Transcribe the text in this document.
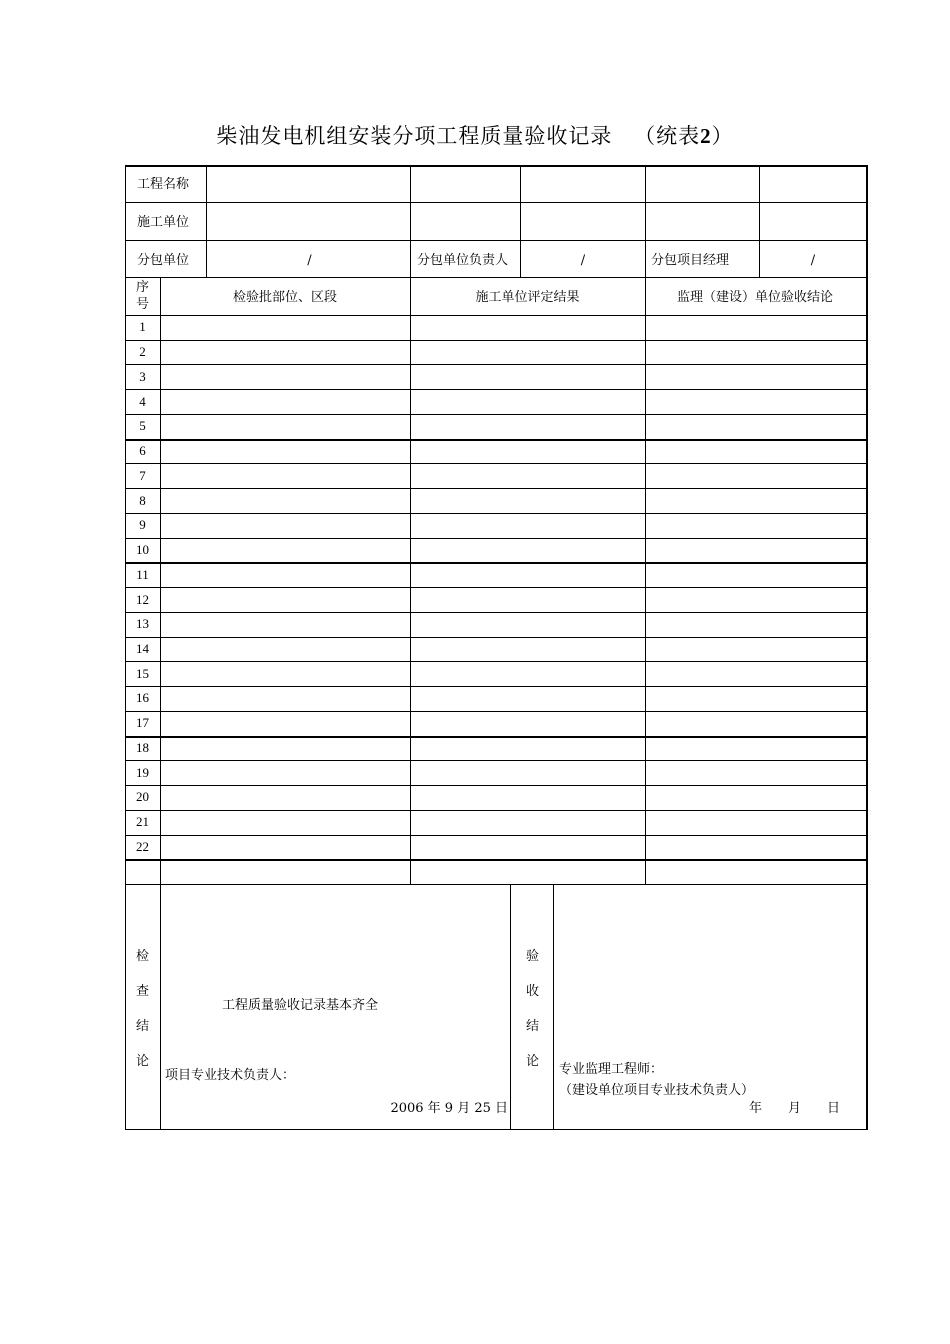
柴油发电机组安装分项工程质量验收记录 （统表2）
工程名称
施工单位
分包单位	/	分包单位负责人	/	分包项目经理	/
序
号	检验批部位、区段	施工单位评定结果	监理（建设）单位验收结论
1
2
3
4
5
6
7
8
9
10
11
12
13
14
15
16
17
18
19
20
21
22
检
查
结
论
工程质量验收记录基本齐全
项目专业技术负责人：
2006 年 9 月 25 日
验
收
结
论
专业监理工程师：
（建设单位项目专业技术负责人）
年　　月　　日
